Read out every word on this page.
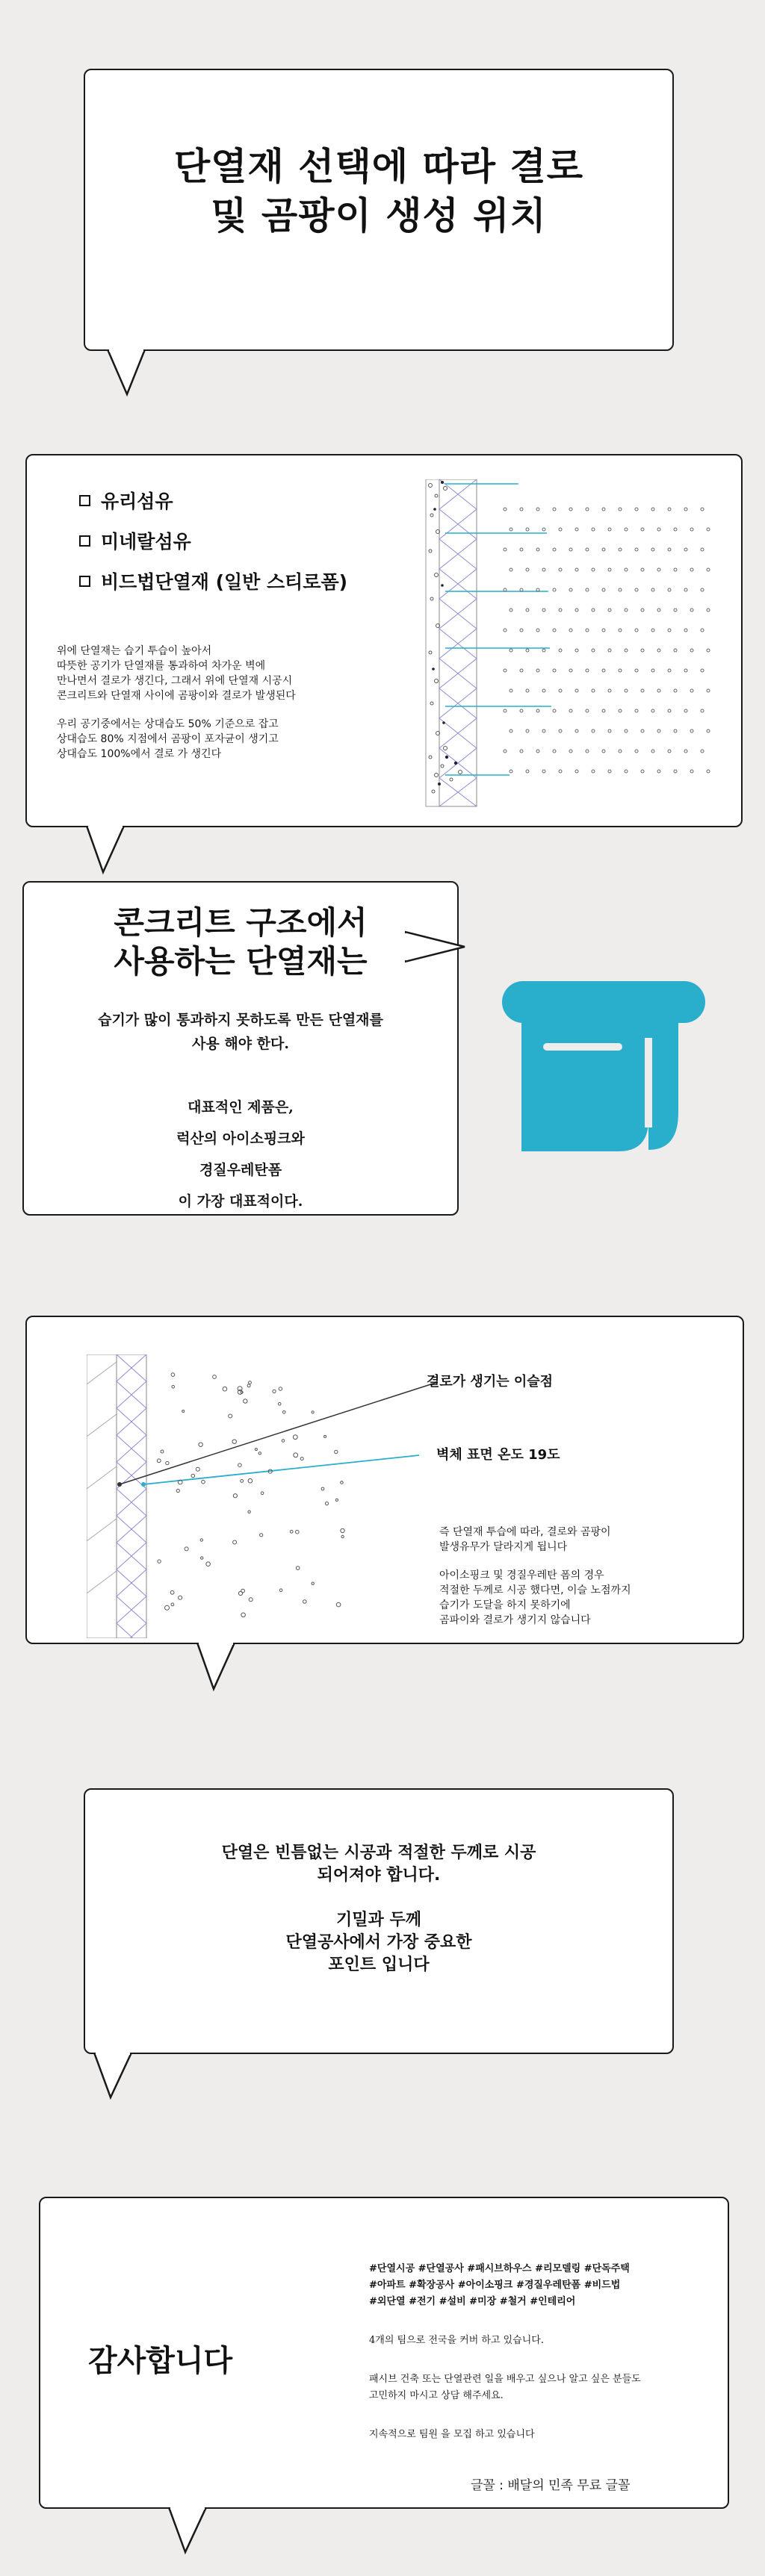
단열재 선택에 따라 결로
및 곰팡이 생성 위치
유리섬유
미네랄섬유
비드법단열재 (일반 스티로폼)

위에 단열재는 습기 투습이 높아서
따뜻한 공기가 단열재를 통과하여 차가운 벽에
만나면서 결로가 생긴다, 그래서 위에 단열재 시공시
콘크리트와 단열재 사이에 곰팡이와 결로가 발생된다

우리 공기중에서는 상대습도 50% 기준으로 잡고
상대습도 80% 지점에서 곰팡이 포자균이 생기고
상대습도 100%에서 결로 가 생긴다

콘크리트 구조에서
사용하는 단열재는
습기가 많이 통과하지 못하도록 만든 단열재를
사용 해야 한다.
대표적인 제품은,
럭산의 아이소핑크와
경질우레탄폼
이 가장 대표적이다.
결로가 생기는 이슬점
벽체 표면 온도 19도

즉 단열재 투습에 따라, 결로와 곰팡이
발생유무가 달라지게 됩니다

아이소핑크 및 경질우레탄 폼의 경우
적절한 두께로 시공 했다면, 이슬 노점까지
습기가 도달을 하지 못하기에
곰파이와 결로가 생기지 않습니다

단열은 빈틈없는 시공과 적절한 두께로 시공
되어져야 합니다.
기밀과 두께
단열공사에서 가장 중요한
포인트 입니다
감사합니다
#단열시공 #단열공사 #패시브하우스 #리모델링 #단독주택
#아파트 #확장공사 #아이소핑크 #경질우레탄폼 #비드법
#외단열 #전기 #설비 #미장 #철거 #인테리어

4개의 팀으로 전국을 커버 하고 있습니다.

패시브 건축 또는 단열관련 일을 배우고 싶으나 알고 싶은 분들도
고민하지 마시고 상담 해주세요.

지속적으로 팀원 을 모집 하고 있습니다

글꼴 : 배달의 민족 무료 글꼴
